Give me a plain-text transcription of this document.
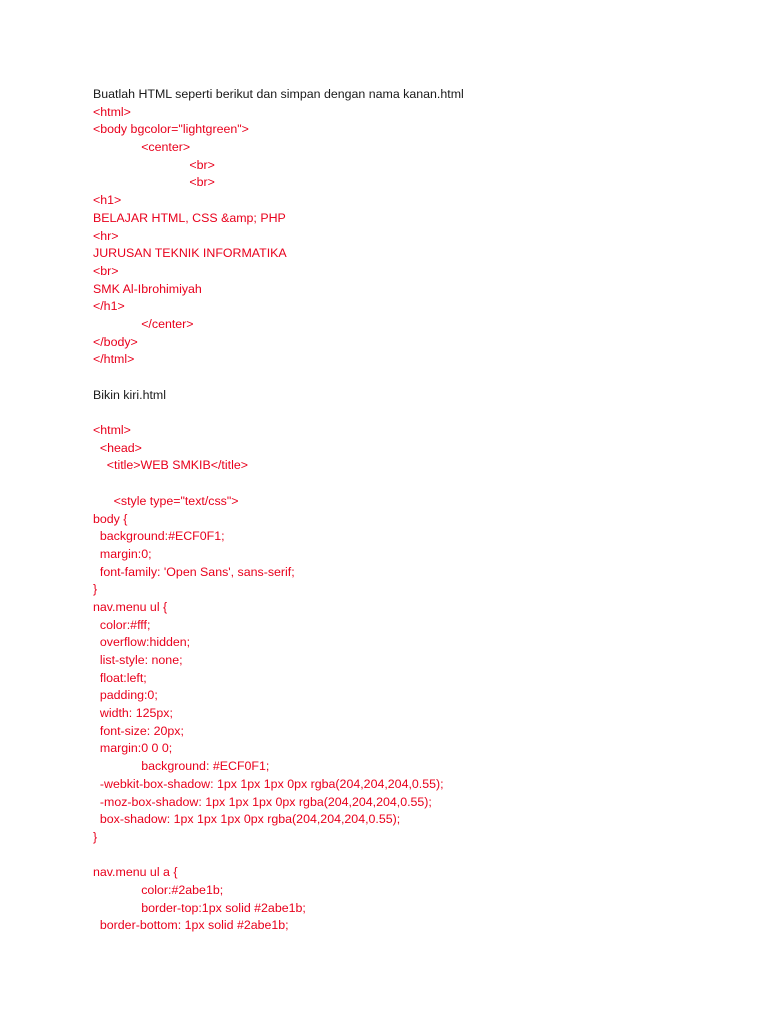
Buatlah HTML seperti berikut dan simpan dengan nama kanan.html
<html>
<body bgcolor="lightgreen">
<center>
<br>
<br>
<h1>
BELAJAR HTML, CSS &amp; PHP
<hr>
JURUSAN TEKNIK INFORMATIKA
<br>
SMK Al-Ibrohimiyah
</h1>
</center>
</body>
</html>
Bikin kiri.html
<html>
<head>
<title>WEB SMKIB</title>
<style type="text/css">
body {
background:#ECF0F1;
margin:0;
font-family: 'Open Sans', sans-serif;
}
nav.menu ul {
color:#fff;
overflow:hidden;
list-style: none;
float:left;
padding:0;
width: 125px;
font-size: 20px;
margin:0 0 0;
background: #ECF0F1;
-webkit-box-shadow: 1px 1px 1px 0px rgba(204,204,204,0.55);
-moz-box-shadow: 1px 1px 1px 0px rgba(204,204,204,0.55);
box-shadow: 1px 1px 1px 0px rgba(204,204,204,0.55);
}
nav.menu ul a {
color:#2abe1b;
border-top:1px solid #2abe1b;
border-bottom: 1px solid #2abe1b;
